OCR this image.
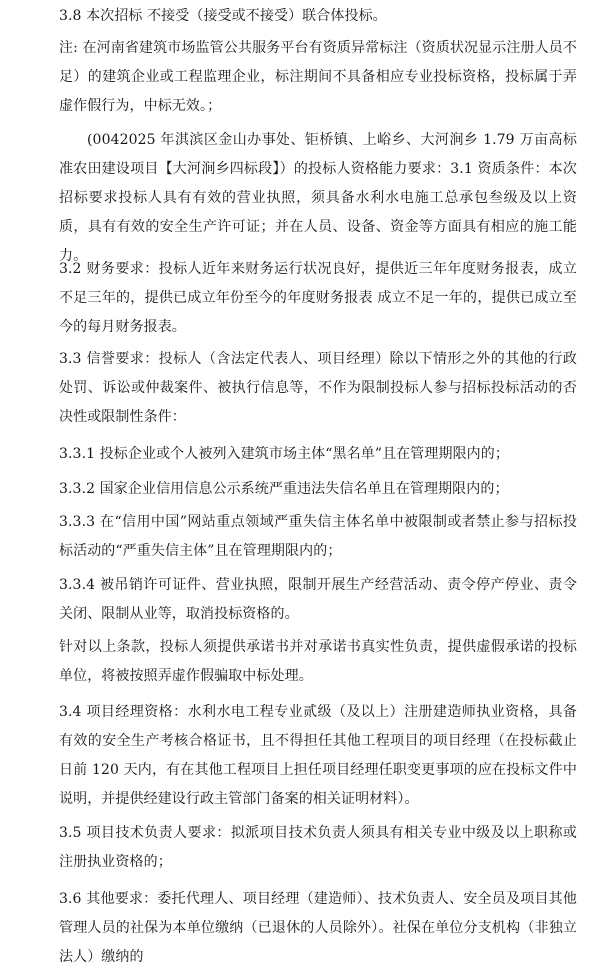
3.8 本次招标 不接受（接受或不接受）联合体投标。
注: 在河南省建筑市场监管公共服务平台有资质异常标注（资质状况显示注册人员不足）的建筑企业或工程监理企业，标注期间不具备相应专业投标资格，投标属于弄虚作假行为，中标无效。；
(0042025 年淇滨区金山办事处、钜桥镇、上峪乡、大河涧乡 1.79 万亩高标准农田建设项目【大河涧乡四标段】）的投标人资格能力要求：3.1 资质条件：本次招标要求投标人具有有效的营业执照，须具备水利水电施工总承包叁级及以上资质，具有有效的安全生产许可证；并在人员、设备、资金等方面具有相应的施工能力。
3.2 财务要求：投标人近年来财务运行状况良好，提供近三年年度财务报表，成立不足三年的，提供已成立年份至今的年度财务报表 成立不足一年的，提供已成立至今的每月财务报表。
3.3 信誉要求：投标人（含法定代表人、项目经理）除以下情形之外的其他的行政处罚、诉讼或仲裁案件、被执行信息等，不作为限制投标人参与招标投标活动的否决性或限制性条件：
3.3.1 投标企业或个人被列入建筑市场主体“黑名单”且在管理期限内的；
3.3.2 国家企业信用信息公示系统严重违法失信名单且在管理期限内的；
3.3.3 在“信用中国”网站重点领域严重失信主体名单中被限制或者禁止参与招标投标活动的“严重失信主体”且在管理期限内的；
3.3.4 被吊销许可证件、营业执照，限制开展生产经营活动、责令停产停业、责令关闭、限制从业等，取消投标资格的。
针对以上条款，投标人须提供承诺书并对承诺书真实性负责，提供虚假承诺的投标单位，将被按照弄虚作假骗取中标处理。
3.4 项目经理资格：水利水电工程专业贰级（及以上）注册建造师执业资格，具备有效的安全生产考核合格证书，且不得担任其他工程项目的项目经理（在投标截止日前 120 天内，有在其他工程项目上担任项目经理任职变更事项的应在投标文件中说明，并提供经建设行政主管部门备案的相关证明材料）。
3.5 项目技术负责人要求：拟派项目技术负责人须具有相关专业中级及以上职称或注册执业资格的；
3.6 其他要求：委托代理人、项目经理（建造师）、技术负责人、安全员及项目其他管理人员的社保为本单位缴纳（已退休的人员除外）。社保在单位分支机构（非独立法人）缴纳的
